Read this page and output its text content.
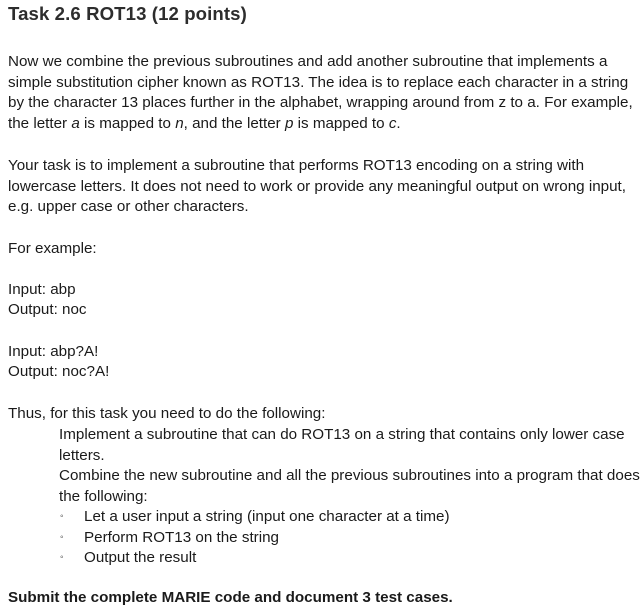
Task 2.6 ROT13 (12 points)

Now we combine the previous subroutines and add another subroutine that implements a simple substitution cipher known as ROT13. The idea is to replace each character in a string by the character 13 places further in the alphabet, wrapping around from z to a. For example, the letter a is mapped to n, and the letter p is mapped to c.

Your task is to implement a subroutine that performs ROT13 encoding on a string with lowercase letters. It does not need to work or provide any meaningful output on wrong input, e.g. upper case or other characters.

For example:

Input: abp

Output: noc

Input: abp?A!

Output: noc?A!

Thus, for this task you need to do the following:

Implement a subroutine that can do ROT13 on a string that contains only lower case letters.

Combine the new subroutine and all the previous subroutines into a program that does the following:

◦ Let a user input a string (input one character at a time)
◦ Perform ROT13 on the string
◦ Output the result

Submit the complete MARIE code and document 3 test cases.
